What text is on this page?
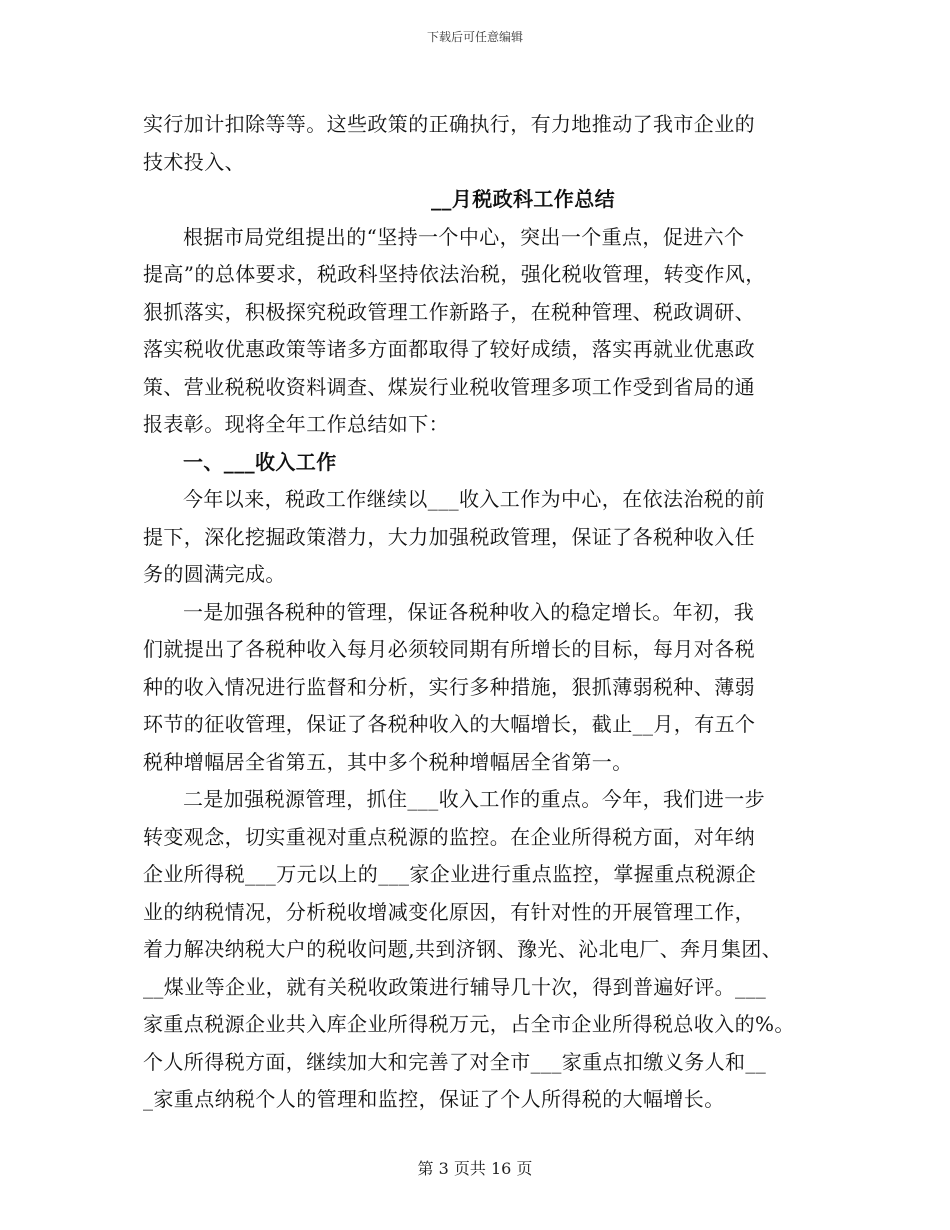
下载后可任意编辑
实行加计扣除等等。这些政策的正确执行，有力地推动了我市企业的
技术投入、
__月税政科工作总结
根据市局党组提出的“坚持一个中心，突出一个重点，促进六个
提高”的总体要求，税政科坚持依法治税，强化税收管理，转变作风，
狠抓落实，积极探究税政管理工作新路子，在税种管理、税政调研、
落实税收优惠政策等诸多方面都取得了较好成绩，落实再就业优惠政
策、营业税税收资料调查、煤炭行业税收管理多项工作受到省局的通
报表彰。现将全年工作总结如下：
一、___收入工作
今年以来，税政工作继续以___收入工作为中心，在依法治税的前
提下，深化挖掘政策潜力，大力加强税政管理，保证了各税种收入任
务的圆满完成。
一是加强各税种的管理，保证各税种收入的稳定增长。年初，我
们就提出了各税种收入每月必须较同期有所增长的目标，每月对各税
种的收入情况进行监督和分析，实行多种措施，狠抓薄弱税种、薄弱
环节的征收管理，保证了各税种收入的大幅增长，截止__月，有五个
税种增幅居全省第五，其中多个税种增幅居全省第一。
二是加强税源管理，抓住___收入工作的重点。今年，我们进一步
转变观念，切实重视对重点税源的监控。在企业所得税方面，对年纳
企业所得税___万元以上的___家企业进行重点监控，掌握重点税源企
业的纳税情况，分析税收增减变化原因，有针对性的开展管理工作，
着力解决纳税大户的税收问题,共到济钢、豫光、沁北电厂、奔月集团、
__煤业等企业，就有关税收政策进行辅导几十次，得到普遍好评。___
家重点税源企业共入库企业所得税万元，占全市企业所得税总收入的%。
个人所得税方面，继续加大和完善了对全市___家重点扣缴义务人和__
_家重点纳税个人的管理和监控，保证了个人所得税的大幅增长。
第 3 页共 16 页
